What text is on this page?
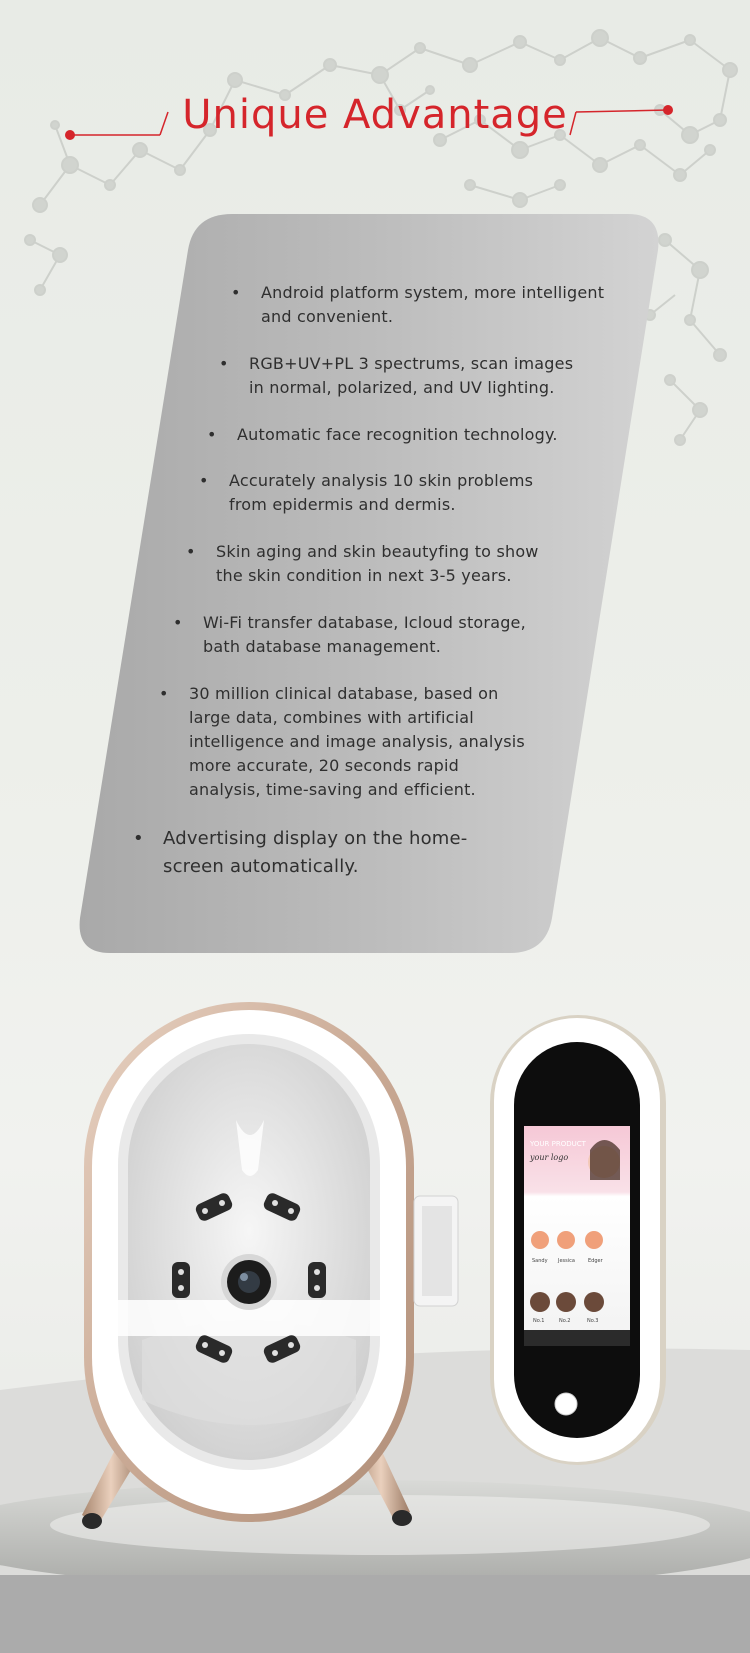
Unique Advantage
• Android platform system, more intelligent and convenient.
• RGB+UV+PL 3 spectrums, scan images in normal, polarized, and UV lighting.
• Automatic face recognition technology.
• Accurately analysis 10 skin problems from epidermis and dermis.
• Skin aging and skin beautyfing to show the skin condition in next 3-5 years.
• Wi-Fi transfer database, Icloud storage, bath database management.
• 30 million clinical database, based on large data, combines with artificial intelligence and image analysis, analysis more accurate, 20 seconds rapid analysis, time-saving and efficient.
• Advertising display on the home-screen automatically.
YOUR PRODUCT
your logo
Sandy Jessica	Edger
No.1	No.2	No.3
